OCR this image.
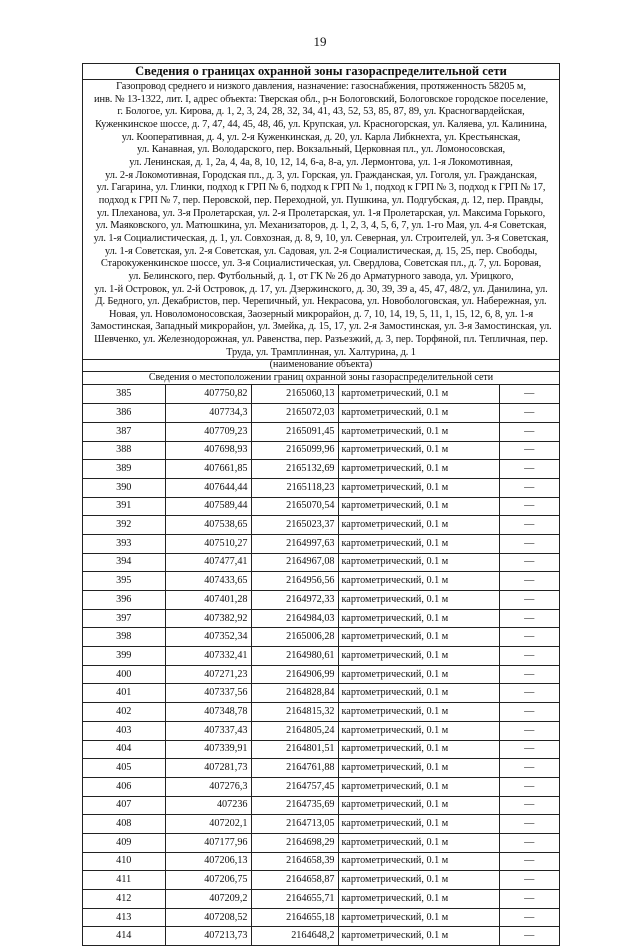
19
Сведения о границах охранной зоны газораспределительной сети
Газопровод среднего и низкого давления, назначение: газоснабжения, протяженность 58205 м,
инв. № 13-1322, лит. I, адрес объекта: Тверская обл., р-н Бологовский, Бологовское городское поселение,
г. Бологое, ул. Кирова, д. 1, 2, 3, 24, 28, 32, 34, 41, 43, 52, 53, 85, 87, 89, ул. Красногвардейская,
Куженкинское шоссе, д. 7, 47, 44, 45, 48, 46, ул. Крупская, ул. Красногорская, ул. Каляева, ул. Калинина,
ул. Кооперативная, д. 4, ул. 2-я Куженкинская, д. 20, ул. Карла Либкнехта, ул. Крестьянская,
ул. Канавная, ул. Володарского, пер. Вокзальный, Церковная пл., ул. Ломоносовская,
ул. Ленинская, д. 1, 2а, 4, 4а, 8, 10, 12, 14, 6-а, 8-а, ул. Лермонтова, ул. 1-я Локомотивная,
ул. 2-я Локомотивная, Городская пл., д. 3, ул. Горская, ул. Гражданская, ул. Гоголя, ул. Гражданская,
ул. Гагарина, ул. Глинки, подход к ГРП № 6, подход к ГРП № 1, подход к ГРП № 3, подход к ГРП № 17,
подход к ГРП № 7, пер. Перовской, пер. Переходной, ул. Пушкина, ул. Подгубская, д. 12, пер. Правды,
ул. Плеханова, ул. 3-я Пролетарская, ул. 2-я Пролетарская, ул. 1-я Пролетарская, ул. Максима Горького,
ул. Маяковского, ул. Матюшкина, ул. Механизаторов, д. 1, 2, 3, 4, 5, 6, 7, ул. 1-го Мая, ул. 4-я Советская,
ул. 1-я Социалистическая, д. 1, ул. Совхозная, д. 8, 9, 10, ул. Северная, ул. Строителей, ул. 3-я Советская,
ул. 1-я Советская, ул. 2-я Советская, ул. Садовая, ул. 2-я Социалистическая, д. 15, 25, пер. Свободы,
Старокуженкинское шоссе, ул. 3-я Социалистическая, ул. Свердлова, Советская пл., д. 7, ул. Боровая,
ул. Белинского, пер. Футбольный, д. 1, от ГК № 26 до Арматурного завода, ул. Урицкого,
ул. 1-й Островок, ул. 2-й Островок, д. 17, ул. Дзержинского, д. 30, 39, 39 а, 45, 47, 48/2, ул. Данилина, ул.
Д. Бедного, ул. Декабристов, пер. Черепичный, ул. Некрасова, ул. Новобологовская, ул. Набережная, ул.
Новая, ул. Новоломоносовская, Заозерный микрорайон, д. 7, 10, 14, 19, 5, 11, 1, 15, 12, 6, 8, ул. 1-я
Замостинская, Западный микрорайон, ул. Змейка, д. 15, 17, ул. 2-я Замостинская, ул. 3-я Замостинская, ул.
Шевченко, ул. Железнодорожная, ул. Равенства, пер. Разъезжий, д. 3, пер. Торфяной, пл. Тепличная, пер.
Труда, ул. Трамплинная, ул. Халтурина, д. 1
(наименование объекта)
Сведения о местоположении границ охранной зоны газораспределительной сети
385	407750,82	2165060,13	картометрический, 0.1 м	—
386	407734,3	2165072,03	картометрический, 0.1 м	—
387	407709,23	2165091,45	картометрический, 0.1 м	—
388	407698,93	2165099,96	картометрический, 0.1 м	—
389	407661,85	2165132,69	картометрический, 0.1 м	—
390	407644,44	2165118,23	картометрический, 0.1 м	—
391	407589,44	2165070,54	картометрический, 0.1 м	—
392	407538,65	2165023,37	картометрический, 0.1 м	—
393	407510,27	2164997,63	картометрический, 0.1 м	—
394	407477,41	2164967,08	картометрический, 0.1 м	—
395	407433,65	2164956,56	картометрический, 0.1 м	—
396	407401,28	2164972,33	картометрический, 0.1 м	—
397	407382,92	2164984,03	картометрический, 0.1 м	—
398	407352,34	2165006,28	картометрический, 0.1 м	—
399	407332,41	2164980,61	картометрический, 0.1 м	—
400	407271,23	2164906,99	картометрический, 0.1 м	—
401	407337,56	2164828,84	картометрический, 0.1 м	—
402	407348,78	2164815,32	картометрический, 0.1 м	—
403	407337,43	2164805,24	картометрический, 0.1 м	—
404	407339,91	2164801,51	картометрический, 0.1 м	—
405	407281,73	2164761,88	картометрический, 0.1 м	—
406	407276,3	2164757,45	картометрический, 0.1 м	—
407	407236	2164735,69	картометрический, 0.1 м	—
408	407202,1	2164713,05	картометрический, 0.1 м	—
409	407177,96	2164698,29	картометрический, 0.1 м	—
410	407206,13	2164658,39	картометрический, 0.1 м	—
411	407206,75	2164658,87	картометрический, 0.1 м	—
412	407209,2	2164655,71	картометрический, 0.1 м	—
413	407208,52	2164655,18	картометрический, 0.1 м	—
414	407213,73	2164648,2	картометрический, 0.1 м	—
